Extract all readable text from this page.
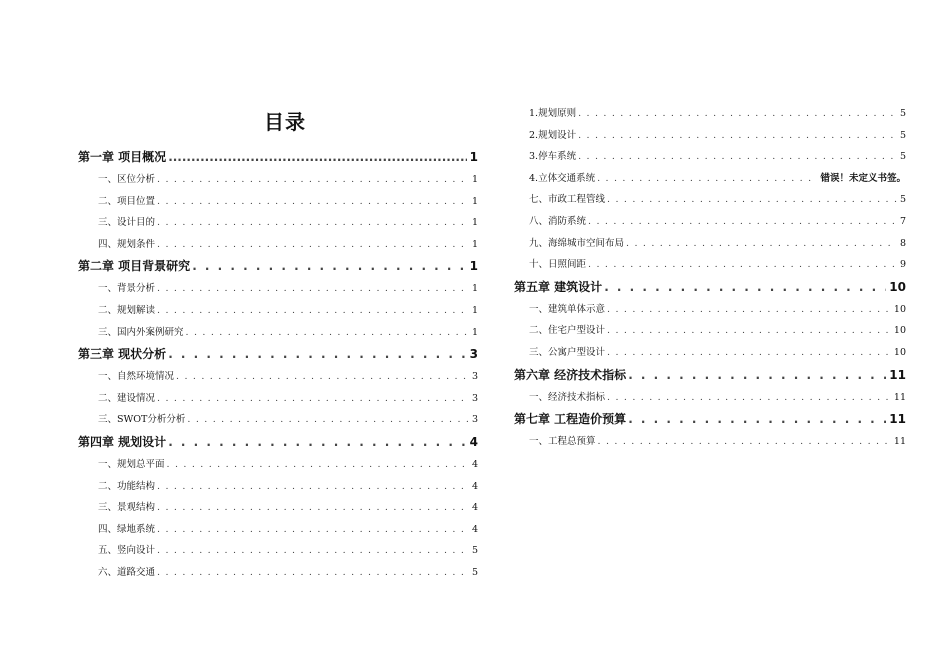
目录
第一章 项目概况 .....	1
一、区位分析 . . .	1
二、项目位置 . . .	1
三、设计目的 . . .	1
四、规划条件 . . .	1
第二章 项目背景研究 . . .	1
一、背景分析 . . .	1
二、规划解读 . . .	1
三、国内外案例研究 . . .	1
第三章 现状分析 . . .	3
一、自然环境情况 . . .	3
二、建设情况 . . .	3
三、SWOT分析分析 . . .	3
第四章 规划设计 . . .	4
一、规划总平面 . . .	4
二、功能结构 . . .	4
三、景观结构 . . .	4
四、绿地系统 . . .	4
五、竖向设计 . . .	5
六、道路交通 . . .	5
1.规划原则 . . .	5
2.规划设计 . . .	5
3.停车系统 . . .	5
4.立体交通系统 . . .	错误！未定义书签。
七、市政工程管线 . . .	5
八、消防系统 . . .	7
九、海绵城市空间布局 . . .	8
十、日照间距 . . .	9
第五章 建筑设计 . . .	10
一、建筑单体示意 . . .	10
二、住宅户型设计 . . .	10
三、公寓户型设计 . . .	10
第六章 经济技术指标 . . .	11
一、经济技术指标 . . .	11
第七章 工程造价预算 . . .	11
一、工程总预算 . . .	11
